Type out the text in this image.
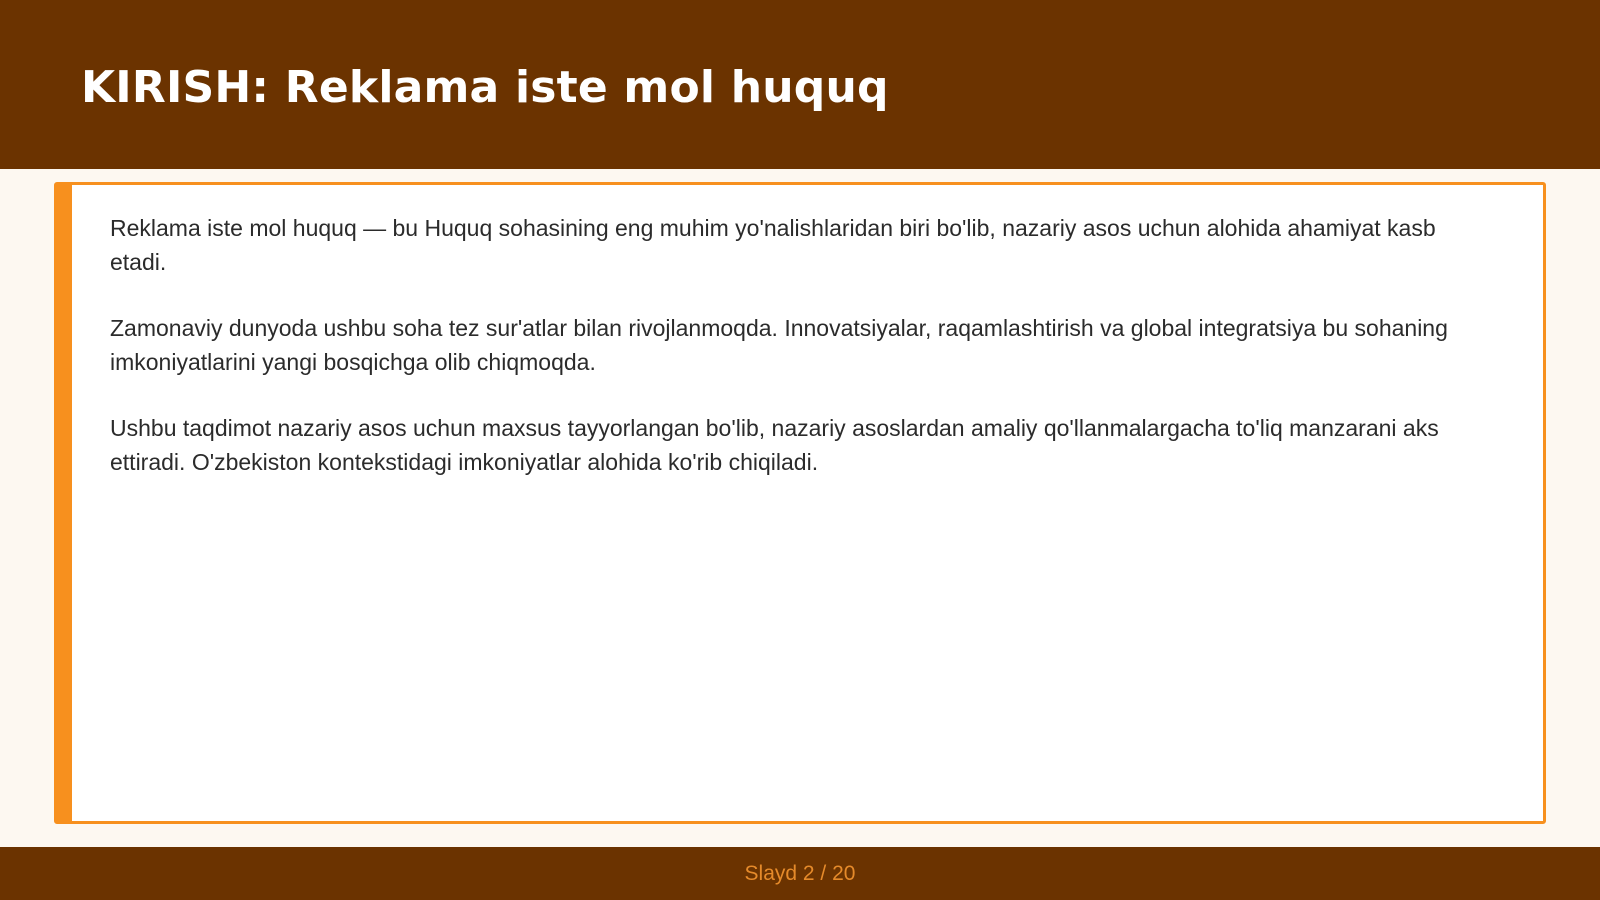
KIRISH: Reklama iste mol huquq

Reklama iste mol huquq — bu Huquq sohasining eng muhim yo'nalishlaridan biri bo'lib, nazariy asos uchun alohida ahamiyat kasb etadi.

Zamonaviy dunyoda ushbu soha tez sur'atlar bilan rivojlanmoqda. Innovatsiyalar, raqamlashtirish va global integratsiya bu sohaning imkoniyatlarini yangi bosqichga olib chiqmoqda.

Ushbu taqdimot nazariy asos uchun maxsus tayyorlangan bo'lib, nazariy asoslardan amaliy qo'llanmalargacha to'liq manzarani aks ettiradi. O'zbekiston kontekstidagi imkoniyatlar alohida ko'rib chiqiladi.

Slayd 2 / 20
